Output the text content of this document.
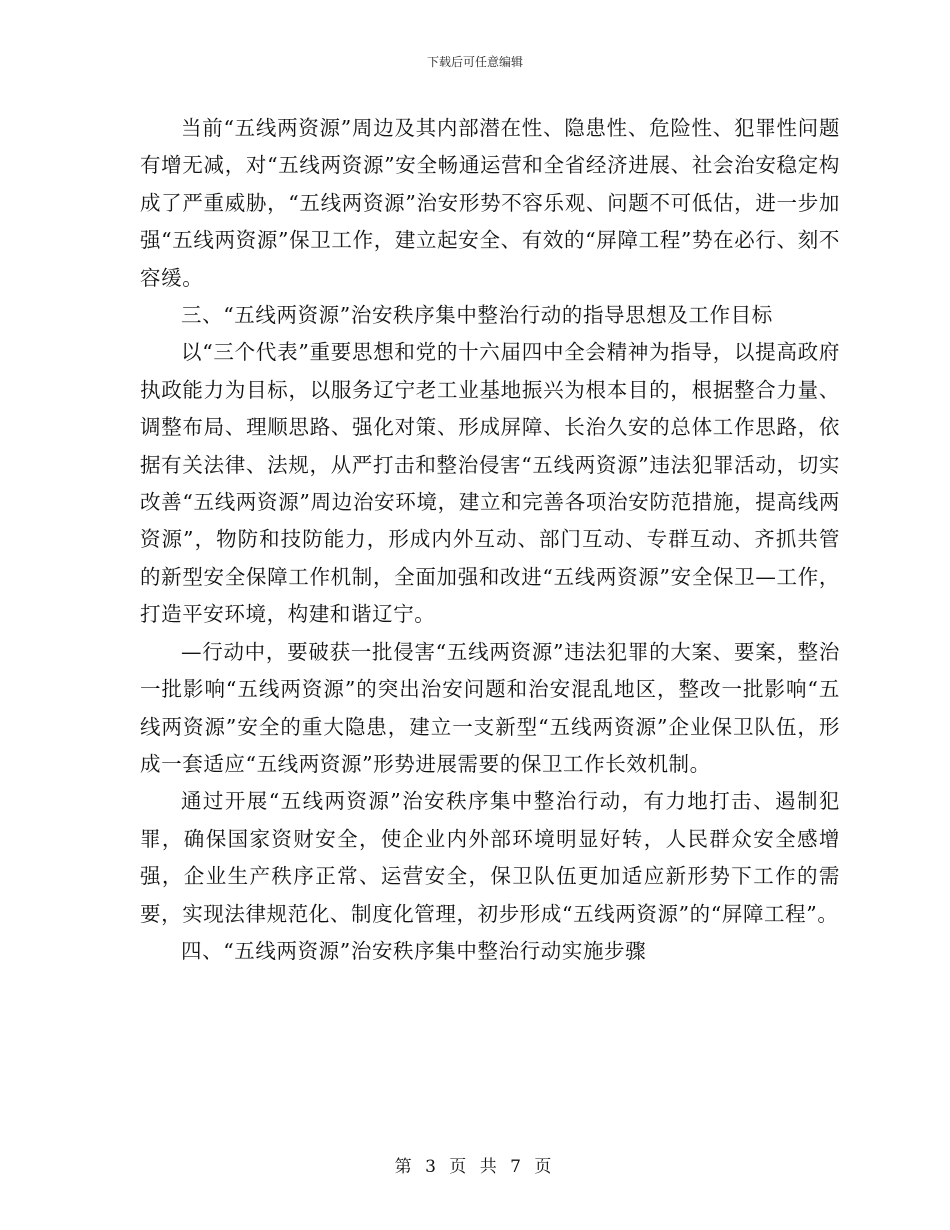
下载后可任意编辑

当前“五线两资源”周边及其内部潜在性、隐患性、危险性、犯罪性问题有增无减，对“五线两资源”安全畅通运营和全省经济进展、社会治安稳定构成了严重威胁，“五线两资源”治安形势不容乐观、问题不可低估，进一步加强“五线两资源”保卫工作，建立起安全、有效的“屏障工程”势在必行、刻不容缓。

三、“五线两资源”治安秩序集中整治行动的指导思想及工作目标

以“三个代表”重要思想和党的十六届四中全会精神为指导，以提高政府执政能力为目标，以服务辽宁老工业基地振兴为根本目的，根据整合力量、调整布局、理顺思路、强化对策、形成屏障、长治久安的总体工作思路，依据有关法律、法规，从严打击和整治侵害“五线两资源”违法犯罪活动，切实改善“五线两资源”周边治安环境，建立和完善各项治安防范措施，提高线两资源”，物防和技防能力，形成内外互动、部门互动、专群互动、齐抓共管的新型安全保障工作机制，全面加强和改进“五线两资源”安全保卫—工作，打造平安环境，构建和谐辽宁。

—行动中，要破获一批侵害“五线两资源”违法犯罪的大案、要案，整治一批影响“五线两资源”的突出治安问题和治安混乱地区，整改一批影响“五线两资源”安全的重大隐患，建立一支新型“五线两资源”企业保卫队伍，形成一套适应“五线两资源”形势进展需要的保卫工作长效机制。

通过开展“五线两资源”治安秩序集中整治行动，有力地打击、遏制犯罪，确保国家资财安全，使企业内外部环境明显好转，人民群众安全感增强，企业生产秩序正常、运营安全，保卫队伍更加适应新形势下工作的需要，实现法律规范化、制度化管理，初步形成“五线两资源”的“屏障工程”。

四、“五线两资源”治安秩序集中整治行动实施步骤

第 3 页 共 7 页
